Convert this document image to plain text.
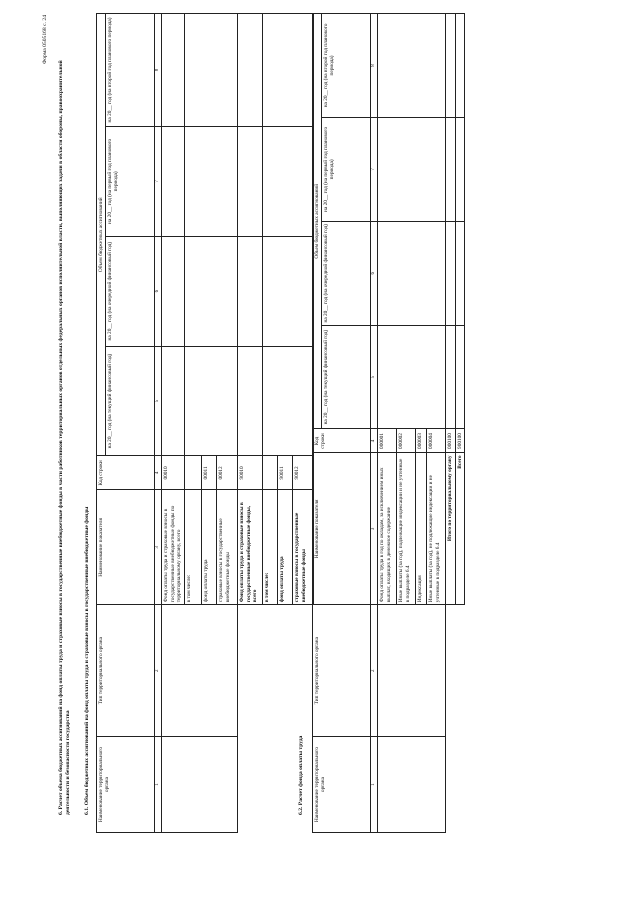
Форма 0505168 с. 24
6. Расчет объема бюджетных ассигнований на фонд оплаты труда и страховые взносы в государственные внебюджетные фонды в части работников территориальных органов отдельных федеральных органов исполнительной власти, выполняющих задачи в области обороны, правоохранительной деятельности и безопасности государства 6.1. Объем бюджетных ассигнований на фонд оплаты труда и страховые взносы в государственные внебюджетные фонды Наименование территориального органа	Тип территориального органа	Наименование показателя	Код строки	Объем бюджетных ассигнований			
				на 20__ год (на текущий финансовый год)	на 20__ год (на очередной финансовый год)	на 20__ год (на первый год планового периода)	на 20__ год (на второй год планового периода)
1	2	3	4	5	6	7	8
		Фонд оплаты труда и страховые взносы в государственные внебюджетные фонды по территориальному органу, всего	00010				
		в том числе:					
		фонд оплаты труда	00011				
		страховые взносы в государственные внебюджетные фонды	00012				
		Фонд оплаты труда и страховые взносы в государственные внебюджетные фонды, всего	90010				
		в том числе:					
		фонд оплаты труда	90011				
		страховые взносы в государственные внебюджетные фонды	90012				
6.2. Расчет фонда оплаты труда Наименование территориального органа	Тип территориального органа	Наименование показателя	Код строки	Объем бюджетных ассигнований			
				на 20__ год (на текущий финансовый год)	на 20__ год (на очередной финансовый год)	на 20__ год (на первый год планового периода)	на 20__ год (на второй год планового периода)
1	2	3	4	5	6	7	8
		Фонд оплаты труда в год по окладам, за исключением иных выплат, входящих в денежное содержание	000001				
		Иные выплаты (за год), подлежащие индексации и не учтенные в подразделе 6.4	000002				
		Индексация	000003				
		Иные выплаты (за год), не подлежащие индексации и не учтенные в подразделе 6.4	000004				
		Итого по территориальному органу	000100				
		Всего	900100				
